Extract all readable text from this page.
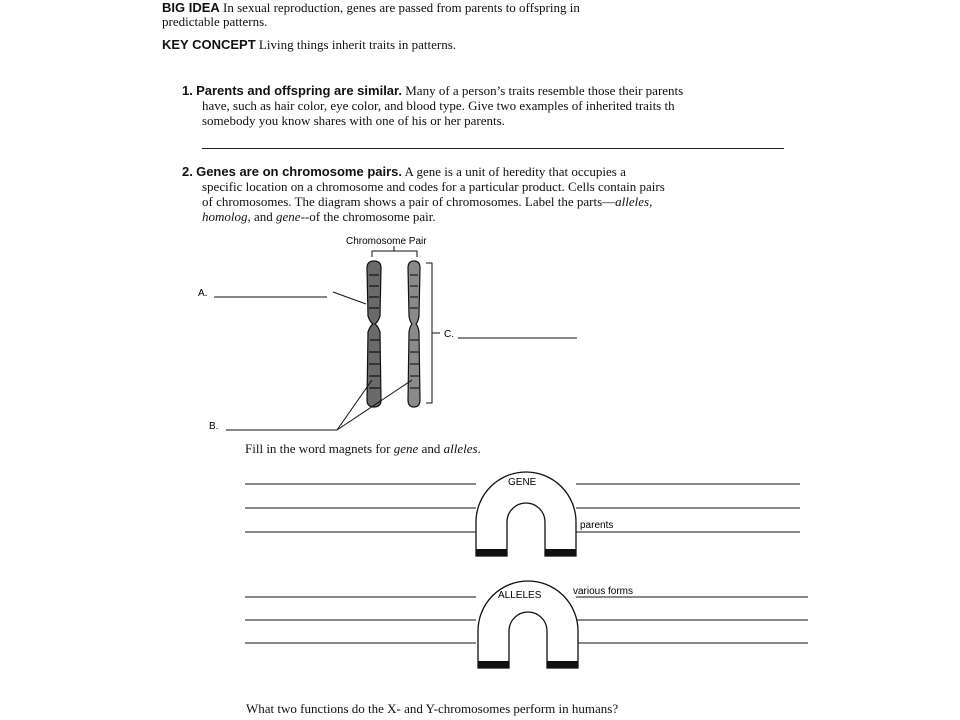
BIG IDEA In sexual reproduction, genes are passed from parents to offspring in
predictable patterns.
KEY CONCEPT Living things inherit traits in patterns.
1. Parents and offspring are similar. Many of a person’s traits resemble those their parents
have, such as hair color, eye color, and blood type. Give two examples of inherited traits th
somebody you know shares with one of his or her parents.
2. Genes are on chromosome pairs. A gene is a unit of heredity that occupies a
specific location on a chromosome and codes for a particular product. Cells contain pairs
of chromosomes. The diagram shows a pair of chromosomes. Label the parts—alleles,
homolog, and gene--of the chromosome pair.
Chromosome Pair
A.
C.
B.
Fill in the word magnets for gene and alleles.
GENE
parents
ALLELES	various forms
What two functions do the X- and Y-chromosomes perform in humans?
